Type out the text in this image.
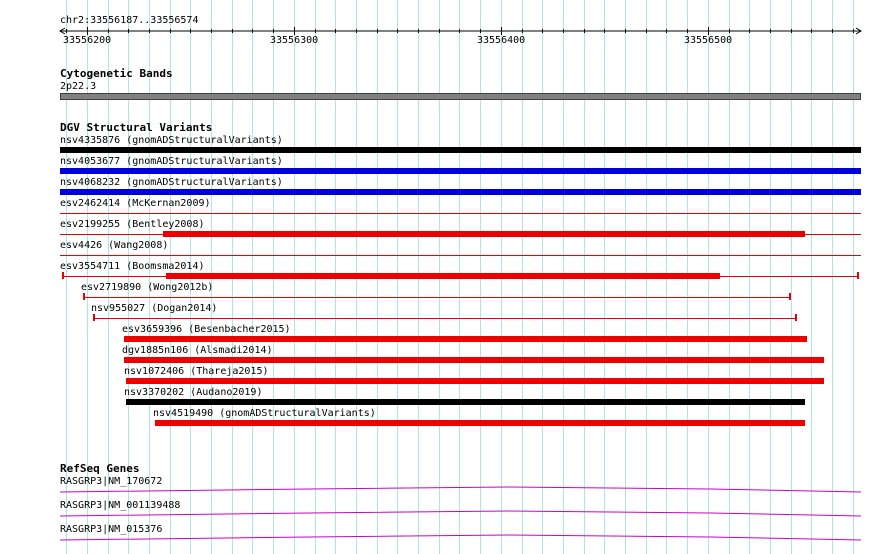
chr2:33556187..33556574
33556200	33556300	33556400	33556500
Cytogenetic Bands
2p22.3
DGV Structural Variants
nsv4335876 (gnomADStructuralVariants)
nsv4053677 (gnomADStructuralVariants)
nsv4068232 (gnomADStructuralVariants)
esv2462414 (McKernan2009)
esv2199255 (Bentley2008)
esv4426 (Wang2008)
esv3554711 (Boomsma2014)
esv2719890 (Wong2012b)
nsv955027 (Dogan2014)
esv3659396 (Besenbacher2015)
dgv1885n106 (Alsmadi2014)
nsv1072406 (Thareja2015)
nsv3370202 (Audano2019)
nsv4519490 (gnomADStructuralVariants)
RefSeq Genes
RASGRP3|NM_170672
RASGRP3|NM_001139488
RASGRP3|NM_015376
